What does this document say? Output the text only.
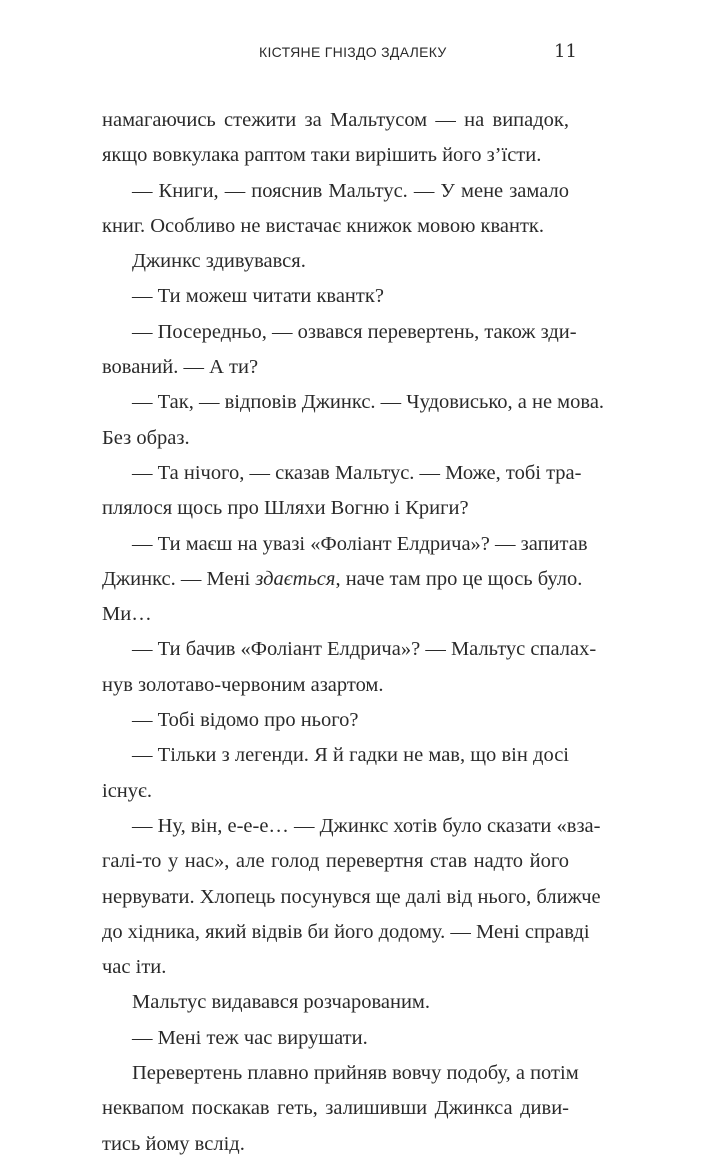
КІСТЯНЕ ГНІЗДО ЗДАЛЕКУ	11
намагаючись стежити за Мальтусом — на випадок,
якщо вовкулака раптом таки вирішить його з’їсти.
— Книги, — пояснив Мальтус. — У мене замало
книг. Особливо не вистачає книжок мовою квантк.
Джинкс здивувався.
— Ти можеш читати квантк?
— Посередньо, — озвався перевертень, також зди-
вований. — А ти?
— Так, — відповів Джинкс. — Чудовисько, а не мова.
Без образ.
— Та нічого, — сказав Мальтус. — Може, тобі тра-
плялося щось про Шляхи Вогню і Криги?
— Ти маєш на увазі «Фоліант Елдрича»? — запитав
Джинкс. — Мені здається, наче там про це щось було.
Ми…
— Ти бачив «Фоліант Елдрича»? — Мальтус спалах-
нув золотаво-червоним азартом.
— Тобі відомо про нього?
— Тільки з легенди. Я й гадки не мав, що він досі
існує.
— Ну, він, е-е-е… — Джинкс хотів було сказати «вза-
галі-то у нас», але голод перевертня став надто його
нервувати. Хлопець посунувся ще далі від нього, ближче
до хідника, який відвів би його додому. — Мені справді
час іти.
Мальтус видавався розчарованим.
— Мені теж час вирушати.
Перевертень плавно прийняв вовчу подобу, а потім
неквапом поскакав геть, залишивши Джинкса диви-
тись йому вслід.
